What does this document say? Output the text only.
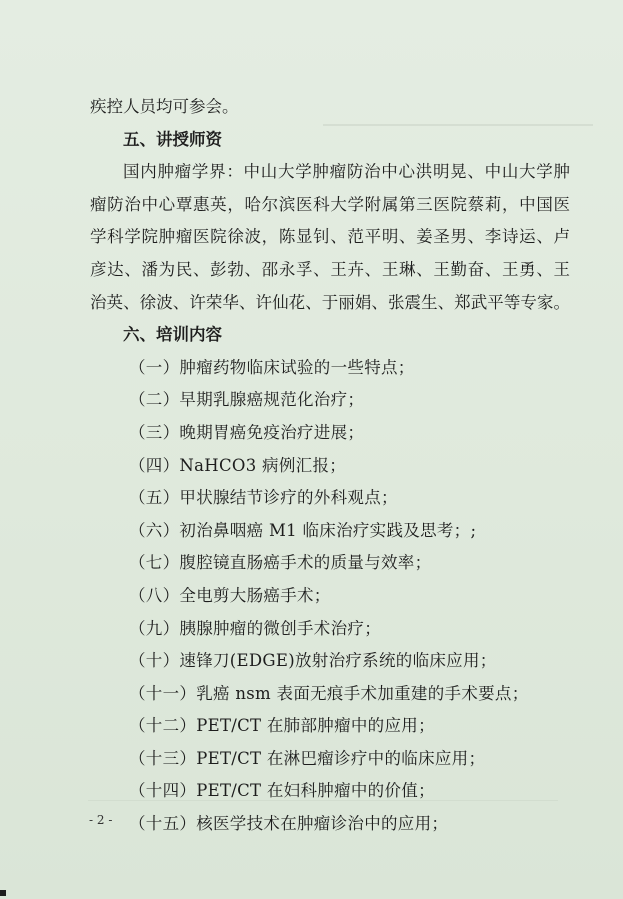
疾控人员均可参会。
五、讲授师资
国内肿瘤学界：中山大学肿瘤防治中心洪明晃、中山大学肿
瘤防治中心覃惠英，哈尔滨医科大学附属第三医院蔡莉，中国医
学科学院肿瘤医院徐波，陈显钊、范平明、姜圣男、李诗运、卢
彦达、潘为民、彭勃、邵永孚、王卉、王琳、王勤奋、王勇、王
治英、徐波、许荣华、许仙花、于丽娟、张震生、郑武平等专家。
六、培训内容
（一）肿瘤药物临床试验的一些特点；
（二）早期乳腺癌规范化治疗；
（三）晚期胃癌免疫治疗进展；
（四）NaHCO3 病例汇报；
（五）甲状腺结节诊疗的外科观点；
（六）初治鼻咽癌 M1 临床治疗实践及思考；;
（七）腹腔镜直肠癌手术的质量与效率；
（八）全电剪大肠癌手术；
（九）胰腺肿瘤的微创手术治疗；
（十）速锋刀(EDGE)放射治疗系统的临床应用；
（十一）乳癌 nsm 表面无痕手术加重建的手术要点；
（十二）PET/CT 在肺部肿瘤中的应用；
（十三）PET/CT 在淋巴瘤诊疗中的临床应用；
（十四）PET/CT 在妇科肿瘤中的价值；
（十五）核医学技术在肿瘤诊治中的应用；
- 2 -
